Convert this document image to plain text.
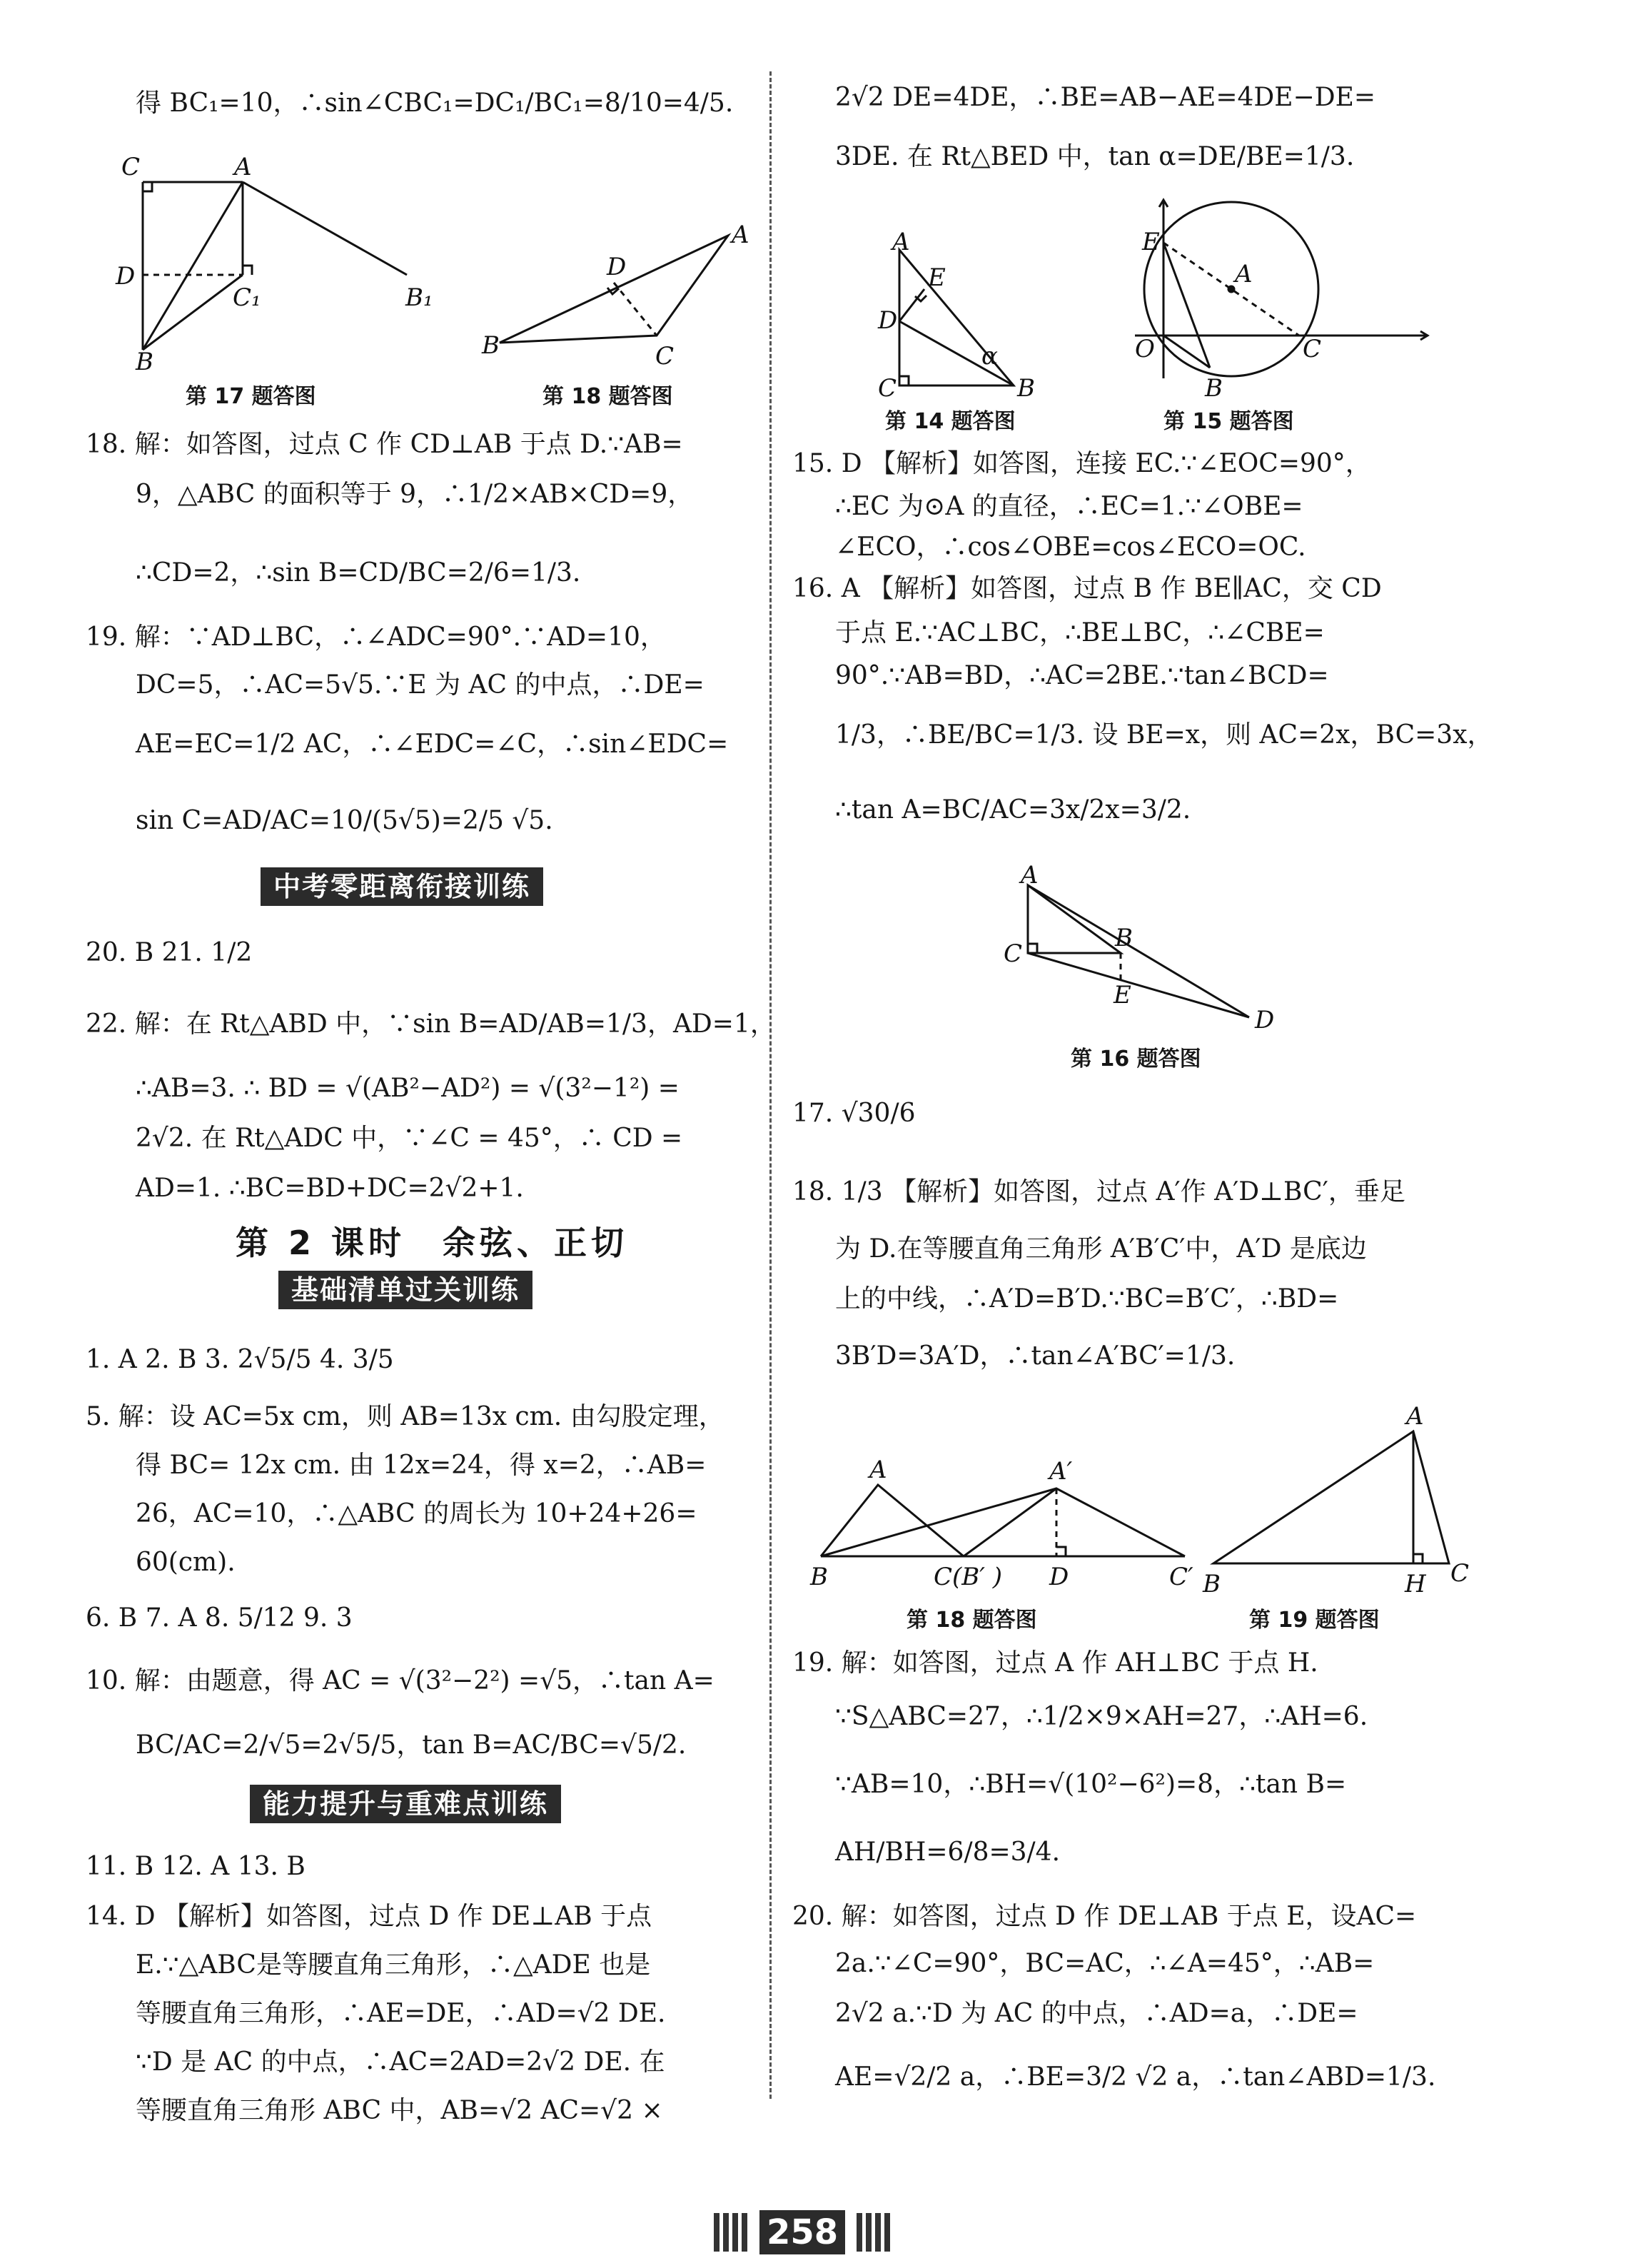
得 BC₁=10，∴sin∠CBC₁=DC₁/BC₁=8/10=4/5.
C	A
D
C₁	B₁
B
第 17 题答图
A
D
B	C
第 18 题答图
18. 解：如答图，过点 C 作 CD⊥AB 于点 D.∵AB=
9，△ABC 的面积等于 9，∴1/2×AB×CD=9，
∴CD=2，∴sin B=CD/BC=2/6=1/3.
19. 解：∵AD⊥BC，∴∠ADC=90°.∵AD=10，
DC=5，∴AC=5√5.∵E 为 AC 的中点，∴DE=
AE=EC=1/2 AC，∴∠EDC=∠C，∴sin∠EDC=
sin C=AD/AC=10/(5√5)=2/5 √5.
中考零距离衔接训练
20. B 21. 1/2
22. 解：在 Rt△ABD 中，∵sin B=AD/AB=1/3，AD=1，
∴AB=3. ∴ BD = √(AB²−AD²) = √(3²−1²) =
2√2. 在 Rt△ADC 中，∵∠C = 45°，∴ CD =
AD=1. ∴BC=BD+DC=2√2+1.
第 2 课时　余弦、正切
基础清单过关训练
1. A 2. B 3. 2√5/5 4. 3/5
5. 解：设 AC=5x cm，则 AB=13x cm. 由勾股定理，
得 BC= 12x cm. 由 12x=24，得 x=2，∴AB=
26，AC=10，∴△ABC 的周长为 10+24+26=
60(cm).
6. B 7. A 8. 5/12 9. 3
10. 解：由题意，得 AC = √(3²−2²) =√5，∴tan A=
BC/AC=2/√5=2√5/5，tan B=AC/BC=√5/2.
能力提升与重难点训练
11. B 12. A 13. B
14. D 【解析】如答图，过点 D 作 DE⊥AB 于点
E.∵△ABC是等腰直角三角形，∴△ADE 也是
等腰直角三角形，∴AE=DE，∴AD=√2 DE.
∵D 是 AC 的中点，∴AC=2AD=2√2 DE. 在
等腰直角三角形 ABC 中，AB=√2 AC=√2 ×
2√2 DE=4DE，∴BE=AB−AE=4DE−DE=
3DE. 在 Rt△BED 中，tan α=DE/BE=1/3.
A
E
D
α
C	B
第 14 题答图
E
A
O	C
B
第 15 题答图
15. D 【解析】如答图，连接 EC.∵∠EOC=90°，
∴EC 为⊙A 的直径，∴EC=1.∵∠OBE=
∠ECO，∴cos∠OBE=cos∠ECO=OC.
16. A 【解析】如答图，过点 B 作 BE∥AC，交 CD
于点 E.∵AC⊥BC，∴BE⊥BC，∴∠CBE=
90°.∵AB=BD，∴AC=2BE.∵tan∠BCD=
1/3，∴BE/BC=1/3. 设 BE=x，则 AC=2x，BC=3x，
∴tan A=BC/AC=3x/2x=3/2.
A
C
B
E
D
第 16 题答图
17. √30/6
18. 1/3 【解析】如答图，过点 A′作 A′D⊥BC′，垂足
为 D.在等腰直角三角形 A′B′C′中，A′D 是底边
上的中线，∴A′D=B′D.∵BC=B′C′，∴BD=
3B′D=3A′D，∴tan∠A′BC′=1/3.
A	A′
B	C(B′ ) D	C′
第 18 题答图
A
B	H C
第 19 题答图
19. 解：如答图，过点 A 作 AH⊥BC 于点 H.
∵S△ABC=27，∴1/2×9×AH=27，∴AH=6.
∵AB=10，∴BH=√(10²−6²)=8，∴tan B=
AH/BH=6/8=3/4.
20. 解：如答图，过点 D 作 DE⊥AB 于点 E，设AC=
2a.∵∠C=90°，BC=AC，∴∠A=45°，∴AB=
2√2 a.∵D 为 AC 的中点，∴AD=a，∴DE=
AE=√2/2 a，∴BE=3/2 √2 a，∴tan∠ABD=1/3.
258
